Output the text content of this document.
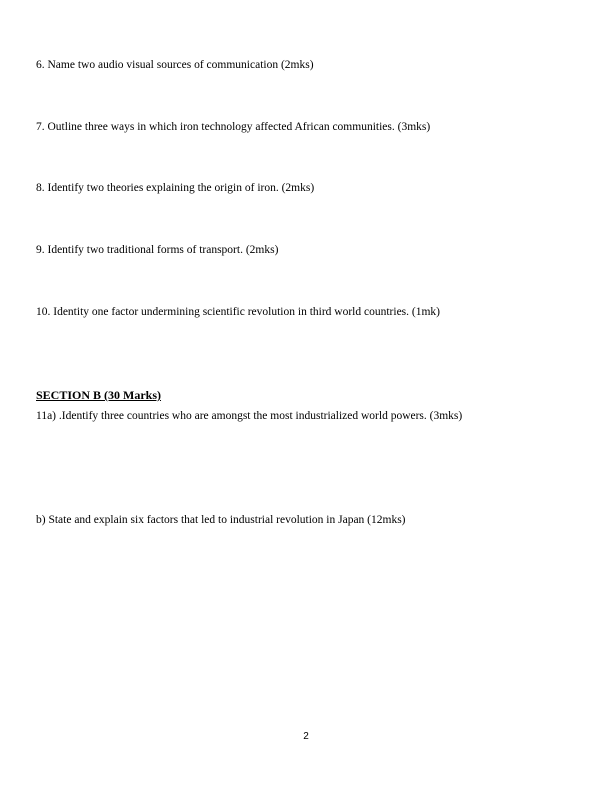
6. Name two audio visual sources of communication (2mks)
7. Outline three ways in which iron technology affected African communities. (3mks)
8. Identify two theories explaining the origin of iron. (2mks)
9. Identify two traditional forms of transport. (2mks)
10. Identity one factor undermining scientific revolution in third world countries. (1mk)
SECTION B (30 Marks)
11a) .Identify three countries who are amongst the most industrialized world powers. (3mks)
b) State and explain six factors that led to industrial revolution in Japan (12mks)
2
